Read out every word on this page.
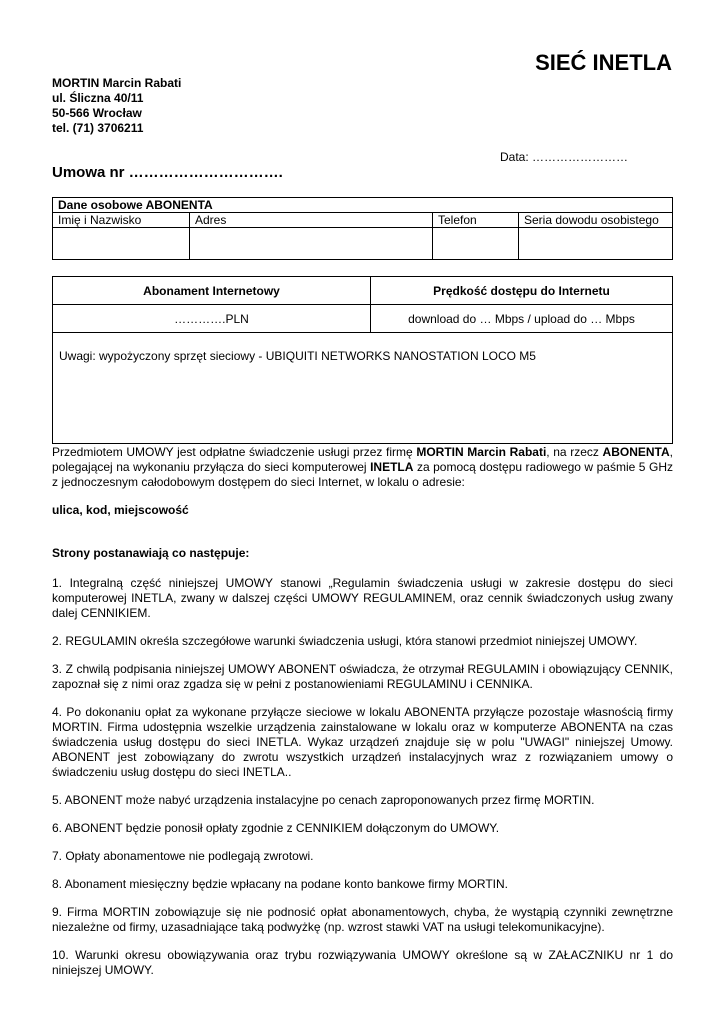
SIEĆ INETLA
MORTIN Marcin Rabati
ul. Śliczna 40/11
50-566 Wrocław
tel. (71) 3706211
Data: ……………………
Umowa nr ………………………….
Dane osobowe ABONENTA			
Imię i Nazwisko	Adres	Telefon	Seria dowodu osobistego

Abonament Internetowy	Prędkość dostępu do Internetu
………….PLN	download do … Mbps / upload do … Mbps
Uwagi: wypożyczony sprzęt sieciowy - UBIQUITI NETWORKS NANOSTATION LOCO M5	

Przedmiotem UMOWY jest odpłatne świadczenie usługi przez firmę MORTIN Marcin Rabati, na rzecz ABONENTA, polegającej na wykonaniu przyłącza do sieci komputerowej INETLA za pomocą dostępu radiowego w paśmie 5 GHz z jednoczesnym całodobowym dostępem do sieci Internet, w lokalu o adresie:

ulica, kod, miejscowość

Strony postanawiają co następuje:

1. Integralną część niniejszej UMOWY stanowi „Regulamin świadczenia usługi w zakresie dostępu do sieci komputerowej INETLA, zwany w dalszej części UMOWY REGULAMINEM, oraz cennik świadczonych usług zwany dalej CENNIKIEM.

2. REGULAMIN określa szczegółowe warunki świadczenia usługi, która stanowi przedmiot niniejszej UMOWY.

3. Z chwilą podpisania niniejszej UMOWY ABONENT oświadcza, że otrzymał REGULAMIN i obowiązujący CENNIK, zapoznał się z nimi oraz zgadza się w pełni z postanowieniami REGULAMINU i CENNIKA.

4. Po dokonaniu opłat za wykonane przyłącze sieciowe w lokalu ABONENTA przyłącze pozostaje własnością firmy MORTIN. Firma udostępnia wszelkie urządzenia zainstalowane w lokalu oraz w komputerze ABONENTA na czas świadczenia usług dostępu do sieci INETLA. Wykaz urządzeń znajduje się w polu "UWAGI" niniejszej Umowy. ABONENT jest zobowiązany do zwrotu wszystkich urządzeń instalacyjnych wraz z rozwiązaniem umowy o świadczeniu usług dostępu do sieci INETLA..

5. ABONENT może nabyć urządzenia instalacyjne po cenach zaproponowanych przez firmę MORTIN.

6. ABONENT będzie ponosił opłaty zgodnie z CENNIKIEM dołączonym do UMOWY.

7. Opłaty abonamentowe nie podlegają zwrotowi.

8. Abonament miesięczny będzie wpłacany na podane konto bankowe firmy MORTIN.

9. Firma MORTIN zobowiązuje się nie podnosić opłat abonamentowych, chyba, że wystąpią czynniki zewnętrzne niezależne od firmy, uzasadniające taką podwyżkę (np. wzrost stawki VAT na usługi telekomunikacyjne).

10. Warunki okresu obowiązywania oraz trybu rozwiązywania UMOWY określone są w ZAŁACZNIKU nr 1 do niniejszej UMOWY.
